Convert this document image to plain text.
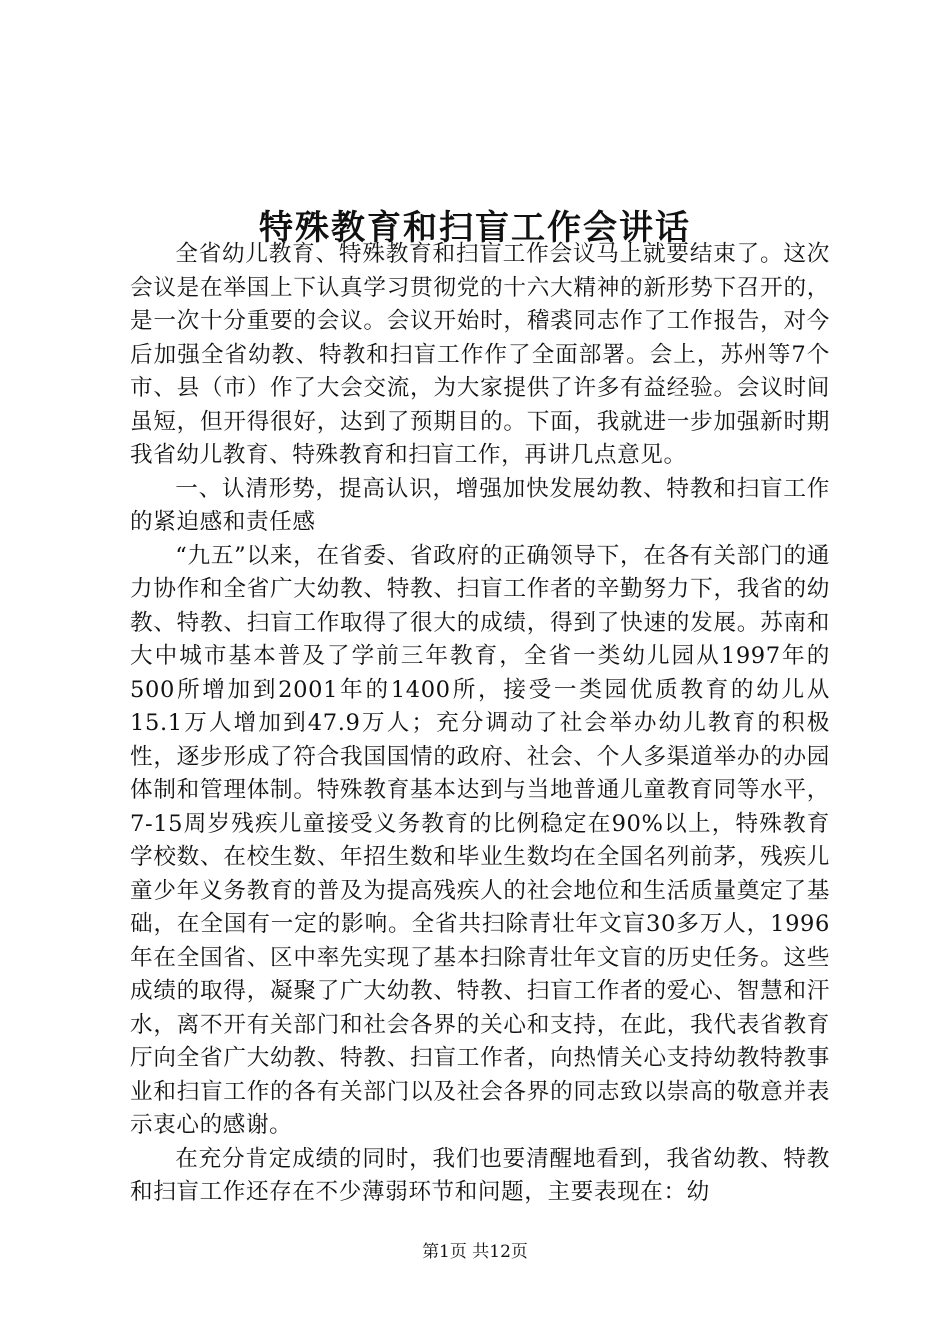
特殊教育和扫盲工作会讲话

全省幼儿教育、特殊教育和扫盲工作会议马上就要结束了。这次会议是在举国上下认真学习贯彻党的十六大精神的新形势下召开的，是一次十分重要的会议。会议开始时，稽裘同志作了工作报告，对今后加强全省幼教、特教和扫盲工作作了全面部署。会上，苏州等7个市、县（市）作了大会交流，为大家提供了许多有益经验。会议时间虽短，但开得很好，达到了预期目的。下面，我就进一步加强新时期我省幼儿教育、特殊教育和扫盲工作，再讲几点意见。

一、认清形势，提高认识，增强加快发展幼教、特教和扫盲工作的紧迫感和责任感

“九五”以来，在省委、省政府的正确领导下，在各有关部门的通力协作和全省广大幼教、特教、扫盲工作者的辛勤努力下，我省的幼教、特教、扫盲工作取得了很大的成绩，得到了快速的发展。苏南和大中城市基本普及了学前三年教育，全省一类幼儿园从1997年的500所增加到2001年的1400所，接受一类园优质教育的幼儿从15.1万人增加到47.9万人；充分调动了社会举办幼儿教育的积极性，逐步形成了符合我国国情的政府、社会、个人多渠道举办的办园体制和管理体制。特殊教育基本达到与当地普通儿童教育同等水平，7-15周岁残疾儿童接受义务教育的比例稳定在90%以上，特殊教育学校数、在校生数、年招生数和毕业生数均在全国名列前茅，残疾儿童少年义务教育的普及为提高残疾人的社会地位和生活质量奠定了基础，在全国有一定的影响。全省共扫除青壮年文盲30多万人，1996年在全国省、区中率先实现了基本扫除青壮年文盲的历史任务。这些成绩的取得，凝聚了广大幼教、特教、扫盲工作者的爱心、智慧和汗水，离不开有关部门和社会各界的关心和支持，在此，我代表省教育厅向全省广大幼教、特教、扫盲工作者，向热情关心支持幼教特教事业和扫盲工作的各有关部门以及社会各界的同志致以崇高的敬意并表示衷心的感谢。

在充分肯定成绩的同时，我们也要清醒地看到，我省幼教、特教和扫盲工作还存在不少薄弱环节和问题，主要表现在：幼

第1页 共12页
